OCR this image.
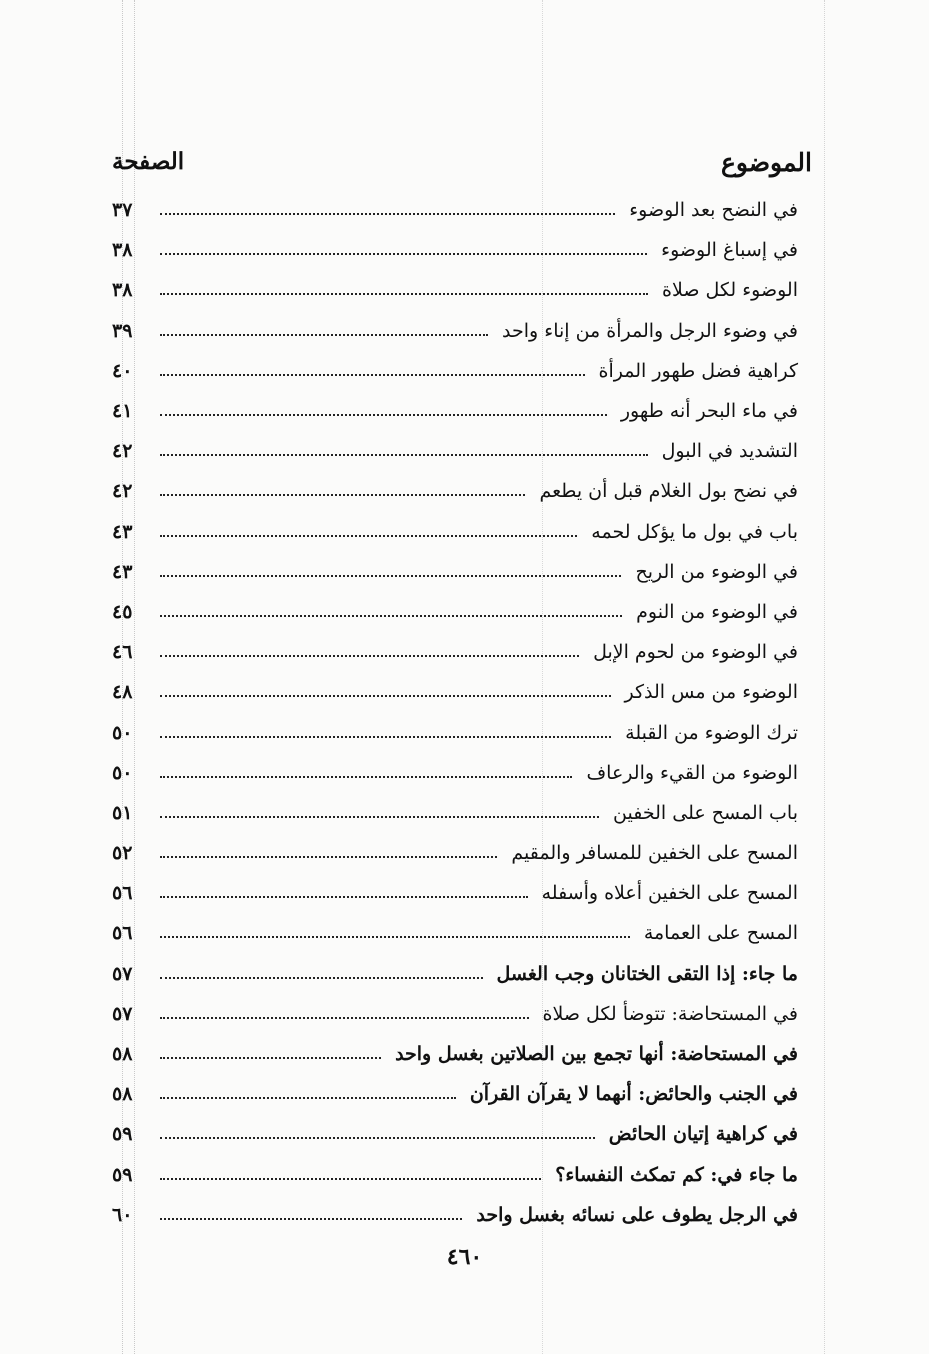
الموضوع
الصفحة
في النضح بعد الوضوء
٣٧
في إسباغ الوضوء
٣٨
الوضوء لكل صلاة
٣٨
في وضوء الرجل والمرأة من إناء واحد
٣٩
كراهية فضل طهور المرأة
٤٠
في ماء البحر أنه طهور
٤١
التشديد في البول
٤٢
في نضح بول الغلام قبل أن يطعم
٤٢
باب في بول ما يؤكل لحمه
٤٣
في الوضوء من الريح
٤٣
في الوضوء من النوم
٤٥
في الوضوء من لحوم الإبل
٤٦
الوضوء من مس الذكر
٤٨
ترك الوضوء من القبلة
٥٠
الوضوء من القيء والرعاف
٥٠
باب المسح على الخفين
٥١
المسح على الخفين للمسافر والمقيم
٥٢
المسح على الخفين أعلاه وأسفله
٥٦
المسح على العمامة
٥٦
ما جاء: إذا التقى الختانان وجب الغسل
٥٧
في المستحاضة: تتوضأ لكل صلاة
٥٧
في المستحاضة: أنها تجمع بين الصلاتين بغسل واحد
٥٨
في الجنب والحائض: أنهما لا يقرآن القرآن
٥٨
في كراهية إتيان الحائض
٥٩
ما جاء في: كم تمكث النفساء؟
٥٩
في الرجل يطوف على نسائه بغسل واحد
٦٠
٤٦٠
